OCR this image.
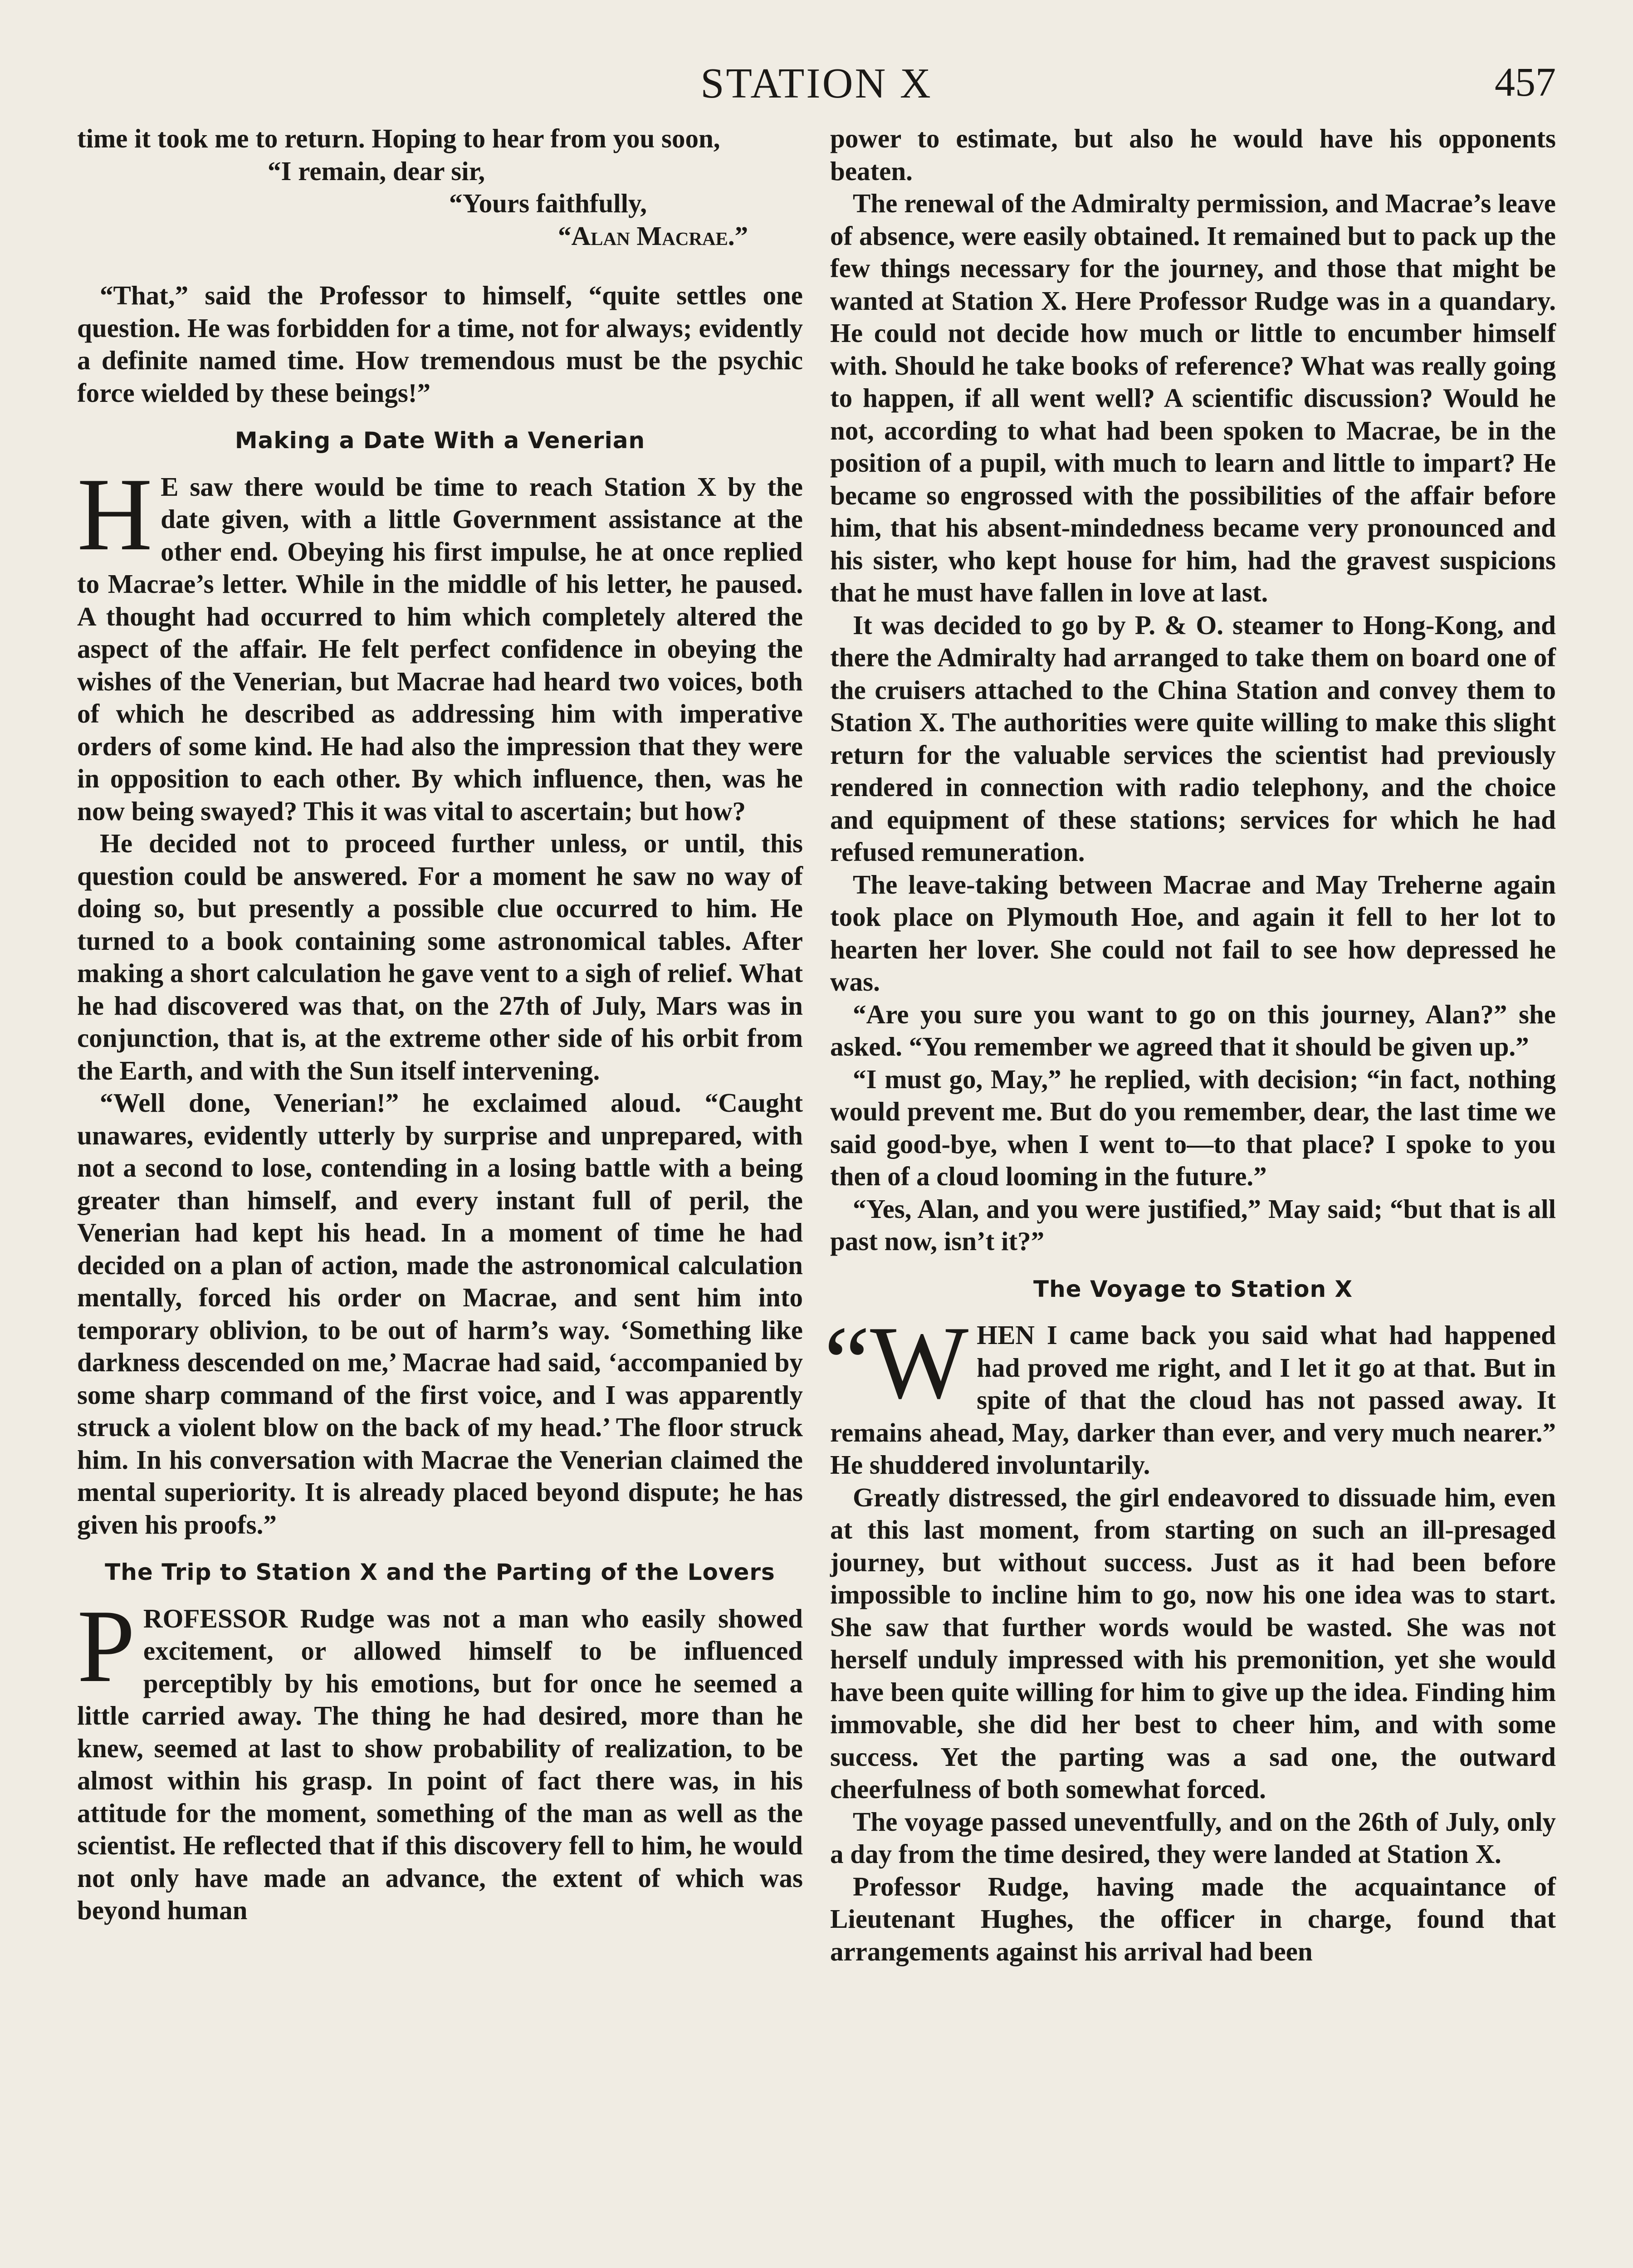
STATION X	457

time it took me to return. Hoping to hear from you soon,

“I remain, dear sir,
“Yours faithfully,
“Alan Macrae.”

“That,” said the Professor to himself, “quite settles one question. He was forbidden for a time, not for always; evidently a definite named time. How tremendous must be the psychic force wielded by these beings!”

Making a Date With a Venerian

H E saw there would be time to reach Station X by the date given, with a little Government assistance at the other end. Obeying his first impulse, he at once replied to Macrae’s letter. While in the middle of his letter, he paused. A thought had occurred to him which completely altered the aspect of the affair. He felt perfect confidence in obeying the wishes of the Venerian, but Macrae had heard two voices, both of which he described as addressing him with imperative orders of some kind. He had also the impression that they were in opposition to each other. By which influence, then, was he now being swayed? This it was vital to ascertain; but how?

He decided not to proceed further unless, or until, this question could be answered. For a moment he saw no way of doing so, but presently a possible clue occurred to him. He turned to a book containing some astronomical tables. After making a short calculation he gave vent to a sigh of relief. What he had discovered was that, on the 27th of July, Mars was in conjunction, that is, at the extreme other side of his orbit from the Earth, and with the Sun itself intervening.

“Well done, Venerian!” he exclaimed aloud. “Caught unawares, evidently utterly by surprise and unprepared, with not a second to lose, contending in a losing battle with a being greater than himself, and every instant full of peril, the Venerian had kept his head. In a moment of time he had decided on a plan of action, made the astronomical calculation mentally, forced his order on Macrae, and sent him into temporary oblivion, to be out of harm’s way. ‘Something like darkness descended on me,’ Macrae had said, ‘accompanied by some sharp command of the first voice, and I was apparently struck a violent blow on the back of my head.’ The floor struck him. In his conversation with Macrae the Venerian claimed the mental superiority. It is already placed beyond dispute; he has given his proofs.”

The Trip to Station X and the Parting of the Lovers

PROFESSOR Rudge was not a man who easily showed excitement, or allowed himself to be influenced perceptibly by his emotions, but for once he seemed a little carried away. The thing he had desired, more than he knew, seemed at last to show probability of realization, to be almost within his grasp. In point of fact there was, in his attitude for the moment, something of the man as well as the scientist. He reflected that if this discovery fell to him, he would not only have made an advance, the extent of which was beyond human

power to estimate, but also he would have his opponents beaten.

The renewal of the Admiralty permission, and Macrae’s leave of absence, were easily obtained. It remained but to pack up the few things necessary for the journey, and those that might be wanted at Station X. Here Professor Rudge was in a quandary. He could not decide how much or little to encumber himself with. Should he take books of reference? What was really going to happen, if all went well? A scientific discussion? Would he not, according to what had been spoken to Macrae, be in the position of a pupil, with much to learn and little to impart? He became so engrossed with the possibilities of the affair before him, that his absent-mindedness became very pronounced and his sister, who kept house for him, had the gravest suspicions that he must have fallen in love at last.

It was decided to go by P. & O. steamer to Hong-Kong, and there the Admiralty had arranged to take them on board one of the cruisers attached to the China Station and convey them to Station X. The authorities were quite willing to make this slight return for the valuable services the scientist had previously rendered in connection with radio telephony, and the choice and equipment of these stations; services for which he had refused remuneration.

The leave-taking between Macrae and May Treherne again took place on Plymouth Hoe, and again it fell to her lot to hearten her lover. She could not fail to see how depressed he was.

“Are you sure you want to go on this journey, Alan?” she asked. “You remember we agreed that it should be given up.”

“I must go, May,” he replied, with decision; “in fact, nothing would prevent me. But do you remember, dear, the last time we said good-bye, when I went to—to that place? I spoke to you then of a cloud looming in the future.”

“Yes, Alan, and you were justified,” May said; “but that is all past now, isn’t it?”

The Voyage to Station X

“WHEN I came back you said what had happened had proved me right, and I let it go at that. But in spite of that the cloud has not passed away. It remains ahead, May, darker than ever, and very much nearer.” He shuddered involuntarily.

Greatly distressed, the girl endeavored to dissuade him, even at this last moment, from starting on such an ill-presaged journey, but without success. Just as it had been before impossible to incline him to go, now his one idea was to start. She saw that further words would be wasted. She was not herself unduly impressed with his premonition, yet she would have been quite willing for him to give up the idea. Finding him immovable, she did her best to cheer him, and with some success. Yet the parting was a sad one, the outward cheerfulness of both somewhat forced.

The voyage passed uneventfully, and on the 26th of July, only a day from the time desired, they were landed at Station X.

Professor Rudge, having made the acquaintance of Lieutenant Hughes, the officer in charge, found that arrangements against his arrival had been
